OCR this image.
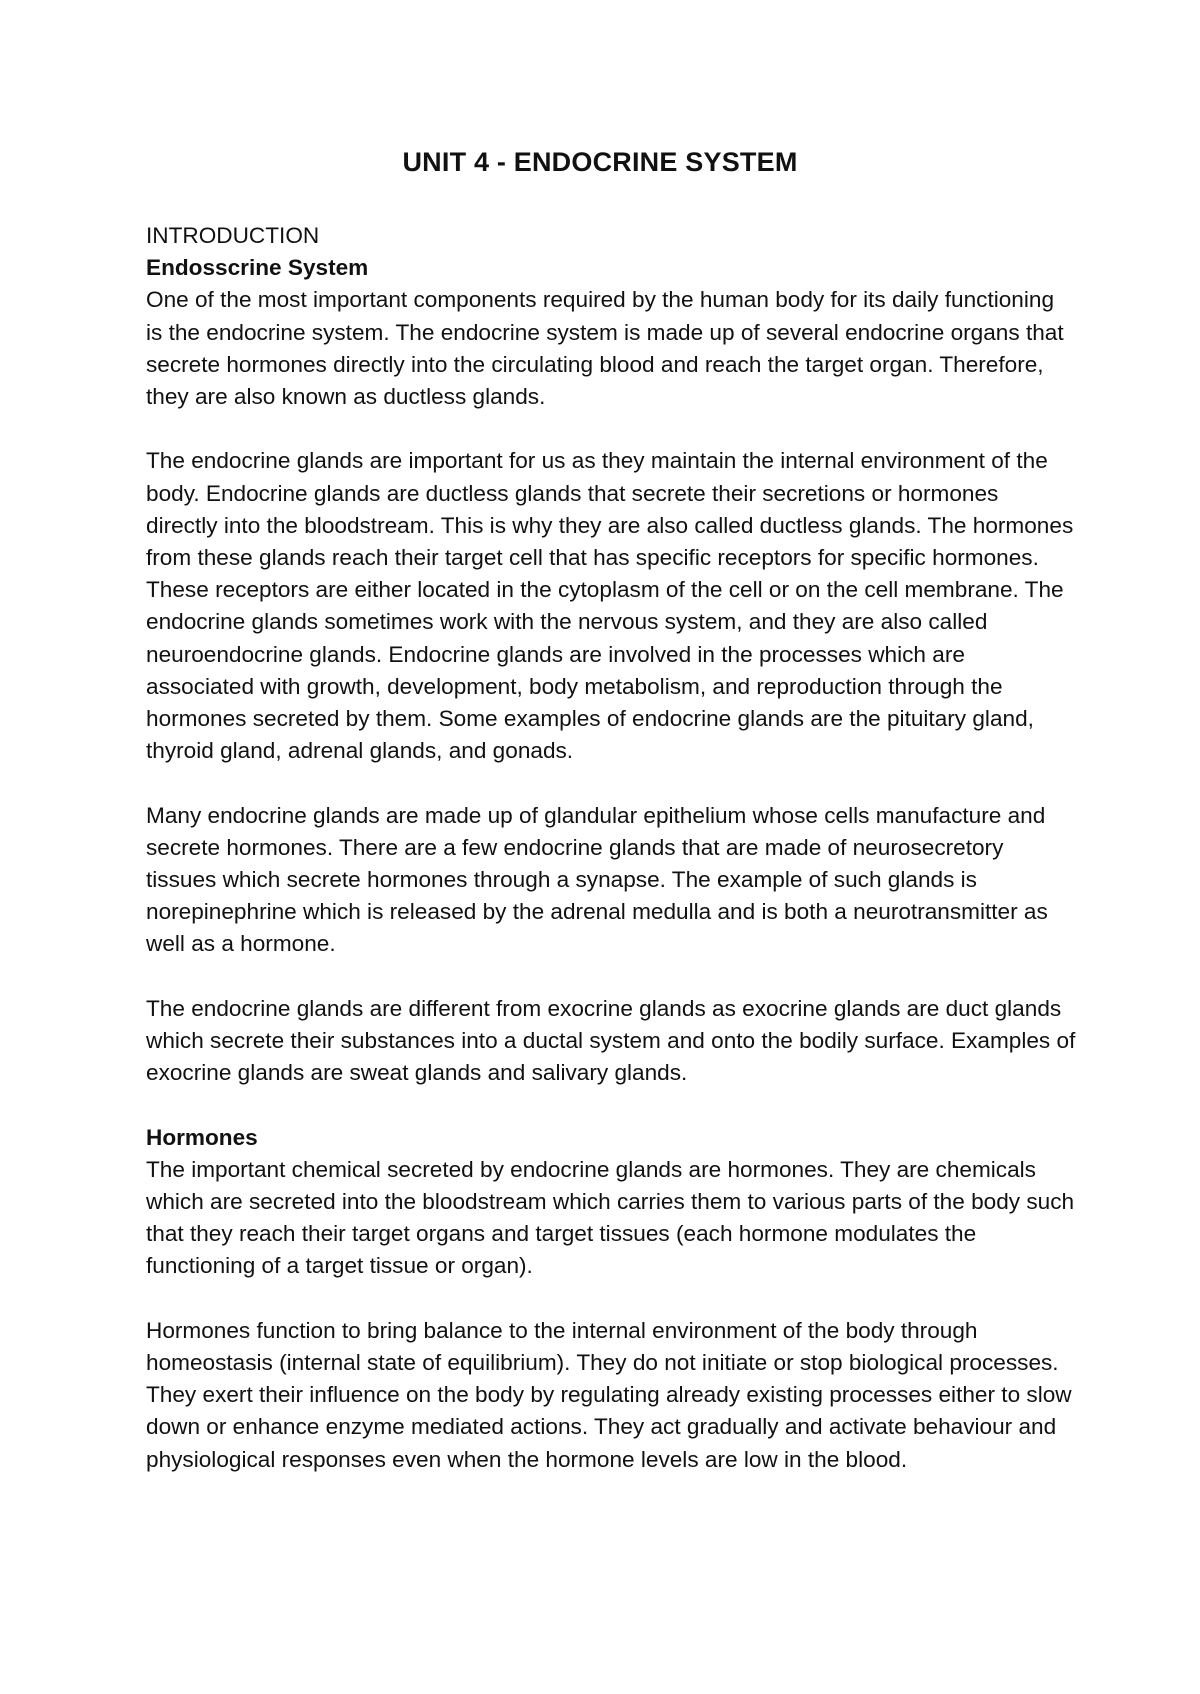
UNIT 4 - ENDOCRINE SYSTEM

INTRODUCTION

Endosscrine System

One of the most important components required by the human body for its daily functioning is the endocrine system. The endocrine system is made up of several endocrine organs that secrete hormones directly into the circulating blood and reach the target organ. Therefore, they are also known as ductless glands.

The endocrine glands are important for us as they maintain the internal environment of the body. Endocrine glands are ductless glands that secrete their secretions or hormones directly into the bloodstream. This is why they are also called ductless glands. The hormones from these glands reach their target cell that has specific receptors for specific hormones. These receptors are either located in the cytoplasm of the cell or on the cell membrane. The endocrine glands sometimes work with the nervous system, and they are also called neuroendocrine glands. Endocrine glands are involved in the processes which are associated with growth, development, body metabolism, and reproduction through the hormones secreted by them. Some examples of endocrine glands are the pituitary gland, thyroid gland, adrenal glands, and gonads.

Many endocrine glands are made up of glandular epithelium whose cells manufacture and secrete hormones. There are a few endocrine glands that are made of neurosecretory tissues which secrete hormones through a synapse. The example of such glands is norepinephrine which is released by the adrenal medulla and is both a neurotransmitter as well as a hormone.

The endocrine glands are different from exocrine glands as exocrine glands are duct glands which secrete their substances into a ductal system and onto the bodily surface. Examples of exocrine glands are sweat glands and salivary glands.

Hormones

The important chemical secreted by endocrine glands are hormones. They are chemicals which are secreted into the bloodstream which carries them to various parts of the body such that they reach their target organs and target tissues (each hormone modulates the functioning of a target tissue or organ).

Hormones function to bring balance to the internal environment of the body through homeostasis (internal state of equilibrium). They do not initiate or stop biological processes. They exert their influence on the body by regulating already existing processes either to slow down or enhance enzyme mediated actions. They act gradually and activate behaviour and physiological responses even when the hormone levels are low in the blood.
